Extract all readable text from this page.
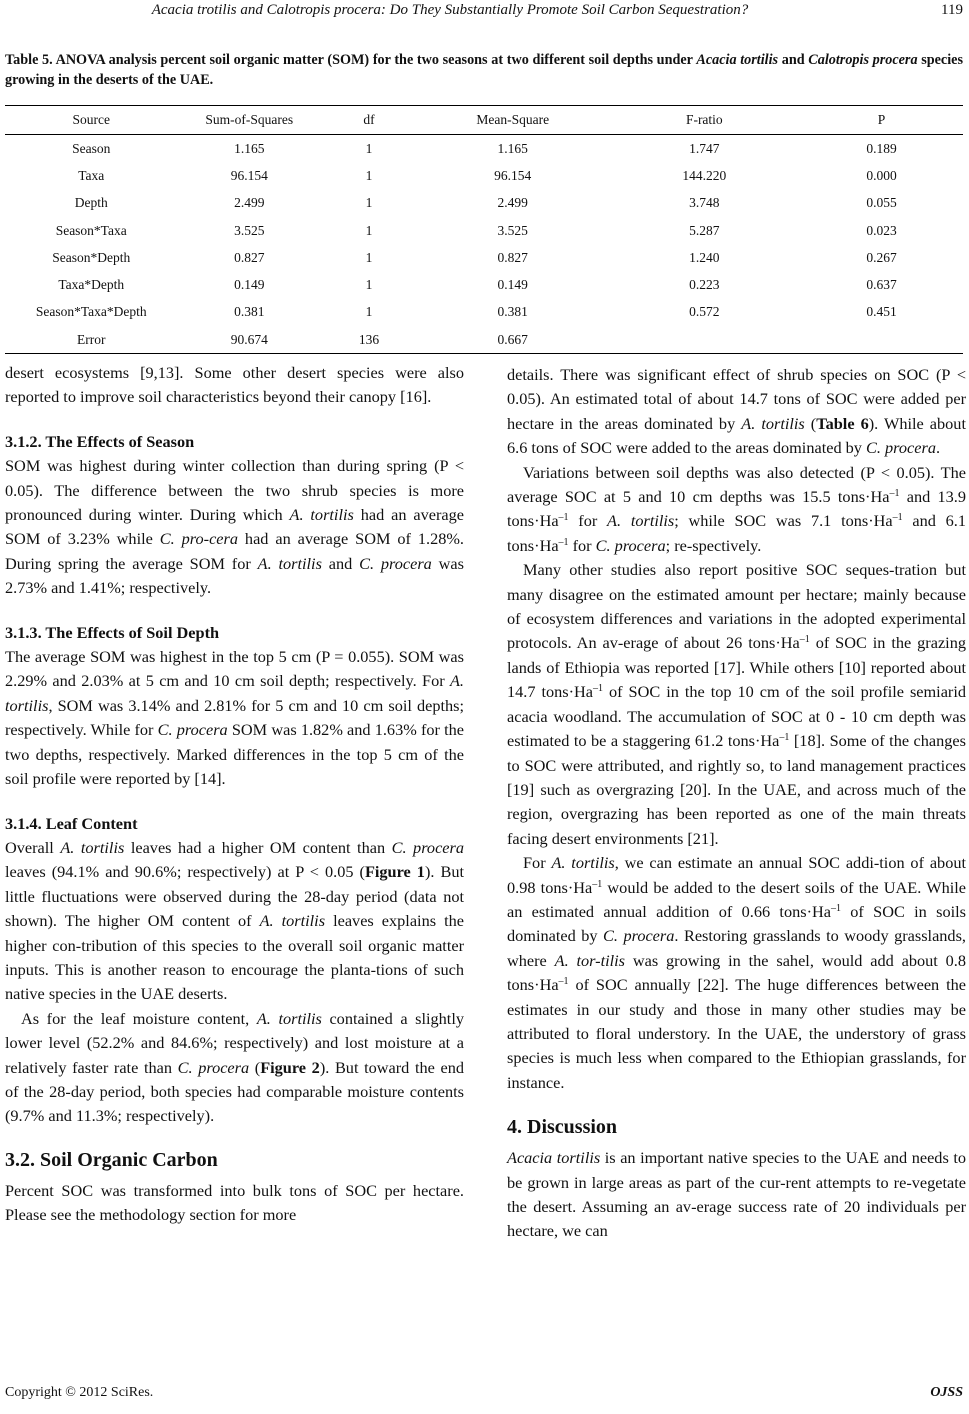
Acacia trotilis and Calotropis procera: Do They Substantially Promote Soil Carbon Sequestration?	119
Table 5. ANOVA analysis percent soil organic matter (SOM) for the two seasons at two different soil depths under Acacia tortilis and Calotropis procera species growing in the deserts of the UAE.
Source	Sum-of-Squares	df	Mean-Square	F-ratio	P
Season	1.165	1	1.165	1.747	0.189
Taxa	96.154	1	96.154	144.220	0.000
Depth	2.499	1	2.499	3.748	0.055
Season*Taxa	3.525	1	3.525	5.287	0.023
Season*Depth	0.827	1	0.827	1.240	0.267
Taxa*Depth	0.149	1	0.149	0.223	0.637
Season*Taxa*Depth	0.381	1	0.381	0.572	0.451
Error	90.674	136	0.667		

desert ecosystems [9,13]. Some other desert species were also reported to improve soil characteristics beyond their canopy [16].

3.1.2. The Effects of Season

SOM was highest during winter collection than during spring (P < 0.05). The difference between the two shrub species is more pronounced during winter. During which A. tortilis had an average SOM of 3.23% while C. pro-cera had an average SOM of 1.28%. During spring the average SOM for A. tortilis and C. procera was 2.73% and 1.41%; respectively.

3.1.3. The Effects of Soil Depth

The average SOM was highest in the top 5 cm (P = 0.055). SOM was 2.29% and 2.03% at 5 cm and 10 cm soil depth; respectively. For A. tortilis, SOM was 3.14% and 2.81% for 5 cm and 10 cm soil depths; respectively. While for C. procera SOM was 1.82% and 1.63% for the two depths, respectively. Marked differences in the top 5 cm of the soil profile were reported by [14].

3.1.4. Leaf Content

Overall A. tortilis leaves had a higher OM content than C. procera leaves (94.1% and 90.6%; respectively) at P < 0.05 (Figure 1). But little fluctuations were observed during the 28-day period (data not shown). The higher OM content of A. tortilis leaves explains the higher con-tribution of this species to the overall soil organic matter inputs. This is another reason to encourage the planta-tions of such native species in the UAE deserts.

As for the leaf moisture content, A. tortilis contained a slightly lower level (52.2% and 84.6%; respectively) and lost moisture at a relatively faster rate than C. procera (Figure 2). But toward the end of the 28-day period, both species had comparable moisture contents (9.7% and 11.3%; respectively).

3.2. Soil Organic Carbon

Percent SOC was transformed into bulk tons of SOC per hectare. Please see the methodology section for more

details. There was significant effect of shrub species on SOC (P < 0.05). An estimated total of about 14.7 tons of SOC were added per hectare in the areas dominated by A. tortilis (Table 6). While about 6.6 tons of SOC were added to the areas dominated by C. procera.

Variations between soil depths was also detected (P < 0.05). The average SOC at 5 and 10 cm depths was 15.5 $tons\cdot Ha^{-1}$ and 13.9 $tons\cdot Ha^{-1}$ for A. tortilis; while SOC was 7.1 $tons\cdot Ha^{-1}$ and 6.1 $tons\cdot Ha^{-1}$ for C. procera; re-spectively.

Many other studies also report positive SOC seques-tration but many disagree on the estimated amount per hectare; mainly because of ecosystem differences and variations in the adopted experimental protocols. An av-erage of about 26 $tons\cdot Ha^{-1}$ of SOC in the grazing lands of Ethiopia was reported [17]. While others [10] reported about 14.7 $tons\cdot Ha^{-1}$ of SOC in the top 10 cm of the soil profile semiarid acacia woodland. The accumulation of SOC at 0 - 10 cm depth was estimated to be a staggering 61.2 $tons\cdot Ha^{-1}$ [18]. Some of the changes to SOC were attributed, and rightly so, to land management practices [19] such as overgrazing [20]. In the UAE, and across much of the region, overgrazing has been reported as one of the main threats facing desert environments [21].

For A. tortilis, we can estimate an annual SOC addi-tion of about 0.98 $tons\cdot Ha^{-1}$ would be added to the desert soils of the UAE. While an estimated annual addition of 0.66 $tons\cdot Ha^{-1}$ of SOC in soils dominated by C. procera. Restoring grasslands to woody grasslands, where A. tor-tilis was growing in the sahel, would add about 0.8 $tons\cdot Ha^{-1}$ of SOC annually [22]. The huge differences between the estimates in our study and those in many other studies may be attributed to floral understory. In the UAE, the understory of grass species is much less when compared to the Ethiopian grasslands, for instance.

4. Discussion

Acacia tortilis is an important native species to the UAE and needs to be grown in large areas as part of the cur-rent attempts to re-vegetate the desert. Assuming an av-erage success rate of 20 individuals per hectare, we can

Copyright © 2012 SciRes.	OJSS
